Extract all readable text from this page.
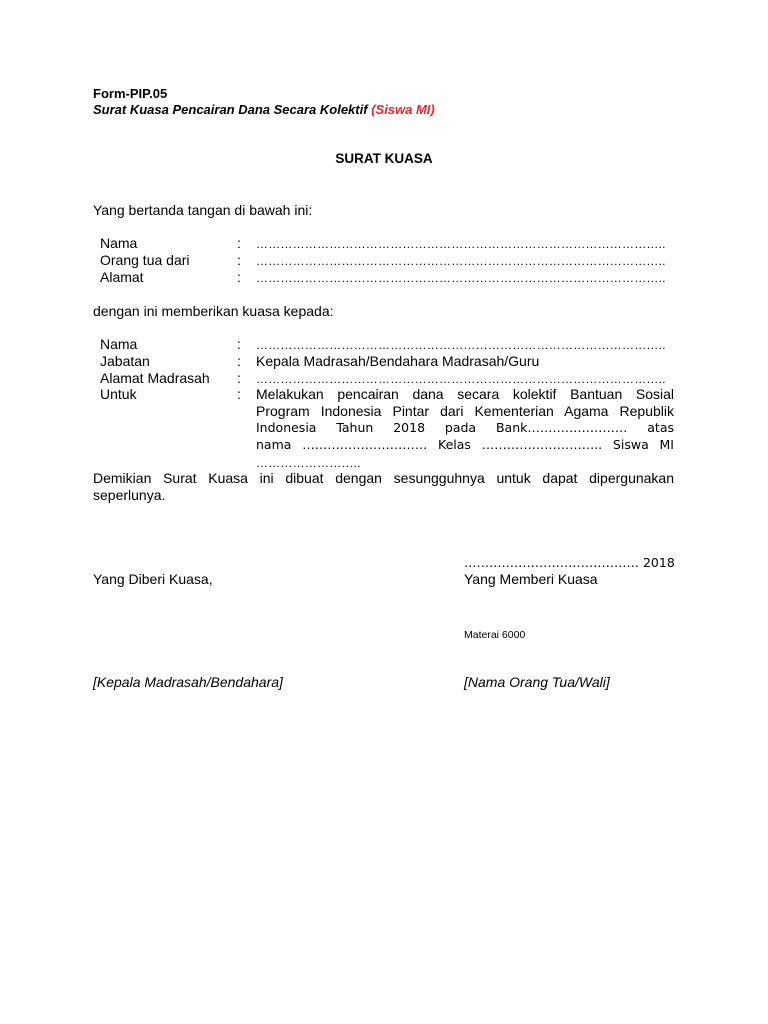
Form-PIP.05
Surat Kuasa Pencairan Dana Secara Kolektif (Siswa MI)
SURAT KUASA
Yang bertanda tangan di bawah ini:
Nama	: ………………………………………………………………………………………..
Orang tua dari	: ………………………………………………………………………………………..
Alamat	: ………………………………………………………………………………………..
dengan ini memberikan kuasa kepada:
Nama	: ………………………………………………………………………………………..
Jabatan	: Kepala Madrasah/Bendahara Madrasah/Guru
Alamat Madrasah : ………………………………………………………………………………………..
Untuk	: Melakukan pencairan dana secara kolektif Bantuan Sosial
Program Indonesia Pintar dari Kementerian Agama Republik
Indonesia Tahun 2018 pada Bank…………………… atas
nama ………………………… Kelas ……………………….. Siswa MI
……………………..
Demikian Surat Kuasa ini dibuat dengan sesungguhnya untuk dapat dipergunakan
seperlunya.
…………………………………… 2018
Yang Diberi Kuasa,	Yang Memberi Kuasa
Materai 6000
[Kepala Madrasah/Bendahara]	[Nama Orang Tua/Wali]
